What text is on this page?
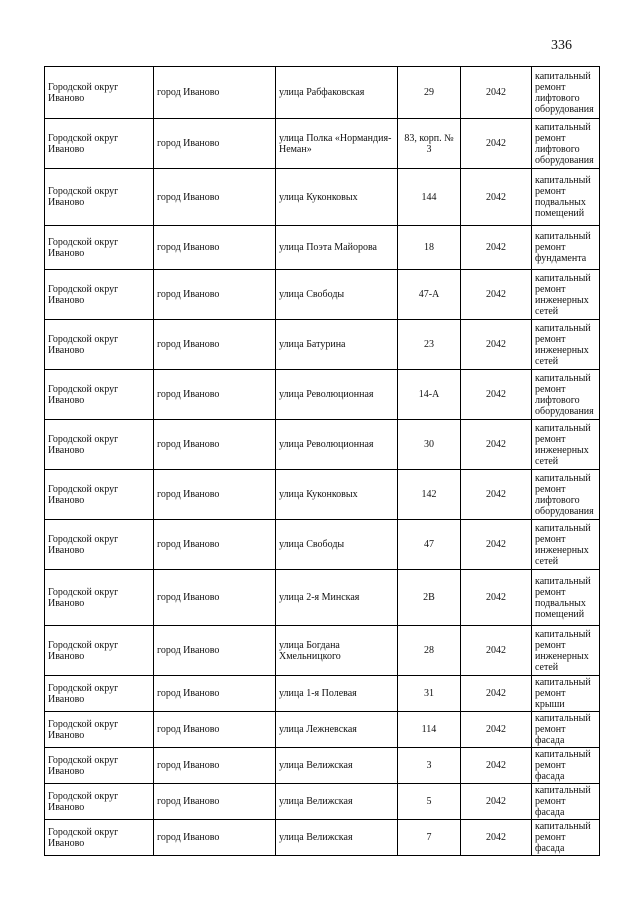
336
Городской округ Иваново	город Иваново	улица Рабфаковская	29	2042	капитальный ремонт лифтового оборудования
Городской округ Иваново	город Иваново	улица Полка «Нормандия-Неман»	83, корп. № 3	2042	капитальный ремонт лифтового оборудования
Городской округ Иваново	город Иваново	улица Куконковых	144	2042	капитальный ремонт подвальных помещений
Городской округ Иваново	город Иваново	улица Поэта Майорова	18	2042	капитальный ремонт фундамента
Городской округ Иваново	город Иваново	улица Свободы	47-А	2042	капитальный ремонт инженерных сетей
Городской округ Иваново	город Иваново	улица Батурина	23	2042	капитальный ремонт инженерных сетей
Городской округ Иваново	город Иваново	улица Революционная	14-А	2042	капитальный ремонт лифтового оборудования
Городской округ Иваново	город Иваново	улица Революционная	30	2042	капитальный ремонт инженерных сетей
Городской округ Иваново	город Иваново	улица Куконковых	142	2042	капитальный ремонт лифтового оборудования
Городской округ Иваново	город Иваново	улица Свободы	47	2042	капитальный ремонт инженерных сетей
Городской округ Иваново	город Иваново	улица 2-я Минская	2В	2042	капитальный ремонт подвальных помещений
Городской округ Иваново	город Иваново	улица Богдана Хмельницкого	28	2042	капитальный ремонт инженерных сетей
Городской округ Иваново	город Иваново	улица 1-я Полевая	31	2042	капитальный ремонт крыши
Городской округ Иваново	город Иваново	улица Лежневская	114	2042	капитальный ремонт фасада
Городской округ Иваново	город Иваново	улица Велижская	3	2042	капитальный ремонт фасада
Городской округ Иваново	город Иваново	улица Велижская	5	2042	капитальный ремонт фасада
Городской округ Иваново	город Иваново	улица Велижская	7	2042	капитальный ремонт фасада
